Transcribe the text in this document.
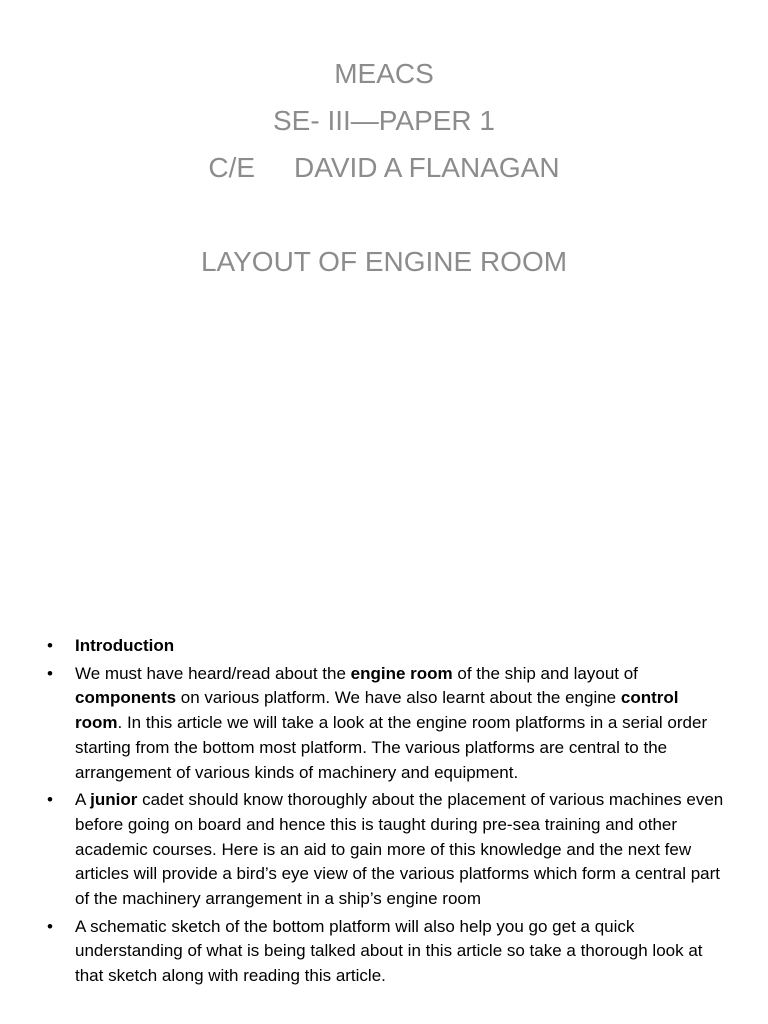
MEACS
SE- III—PAPER 1
C/E     DAVID A FLANAGAN
LAYOUT OF ENGINE ROOM
• Introduction
• We must have heard/read about the engine room of the ship and layout of components on various platform. We have also learnt about the engine control room. In this article we will take a look at the engine room platforms in a serial order starting from the bottom most platform. The various platforms are central to the arrangement of various kinds of machinery and equipment.
• A junior cadet should know thoroughly about the placement of various machines even before going on board and hence this is taught during pre-sea training and other academic courses. Here is an aid to gain more of this knowledge and the next few articles will provide a bird’s eye view of the various platforms which form a central part of the machinery arrangement in a ship’s engine room
• A schematic sketch of the bottom platform will also help you go get a quick understanding of what is being talked about in this article so take a thorough look at that sketch along with reading this article.
